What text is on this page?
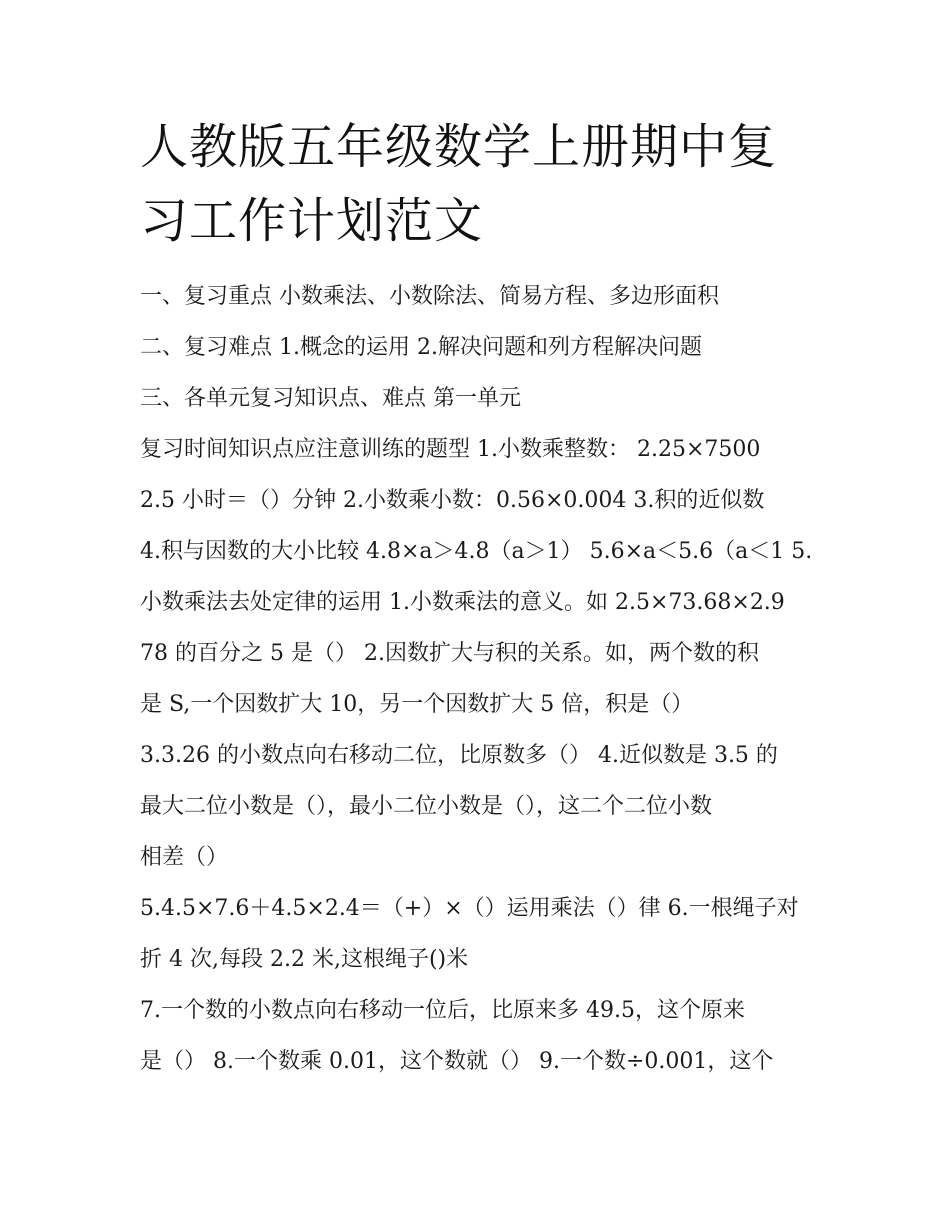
人教版五年级数学上册期中复
习工作计划范文
一、复习重点 小数乘法、小数除法、简易方程、多边形面积
二、复习难点 1.概念的运用 2.解决问题和列方程解决问题
三、各单元复习知识点、难点 第一单元
复习时间知识点应注意训练的题型 1.小数乘整数： 2.25×7500
2.5 小时＝（）分钟 2.小数乘小数：0.56×0.004 3.积的近似数
4.积与因数的大小比较 4.8×a＞4.8（a＞1） 5.6×a＜5.6（a＜1 5.
小数乘法去处定律的运用 1.小数乘法的意义。如 2.5×73.68×2.9
78 的百分之 5 是（） 2.因数扩大与积的关系。如，两个数的积
是 S,一个因数扩大 10，另一个因数扩大 5 倍，积是（）
3.3.26 的小数点向右移动二位，比原数多（） 4.近似数是 3.5 的
最大二位小数是（），最小二位小数是（），这二个二位小数
相差（）
5.4.5×7.6＋4.5×2.4＝（+）×（）运用乘法（）律 6.一根绳子对
折 4 次,每段 2.2 米,这根绳子()米
7.一个数的小数点向右移动一位后，比原来多 49.5，这个原来
是（） 8.一个数乘 0.01，这个数就（） 9.一个数÷0.001，这个
